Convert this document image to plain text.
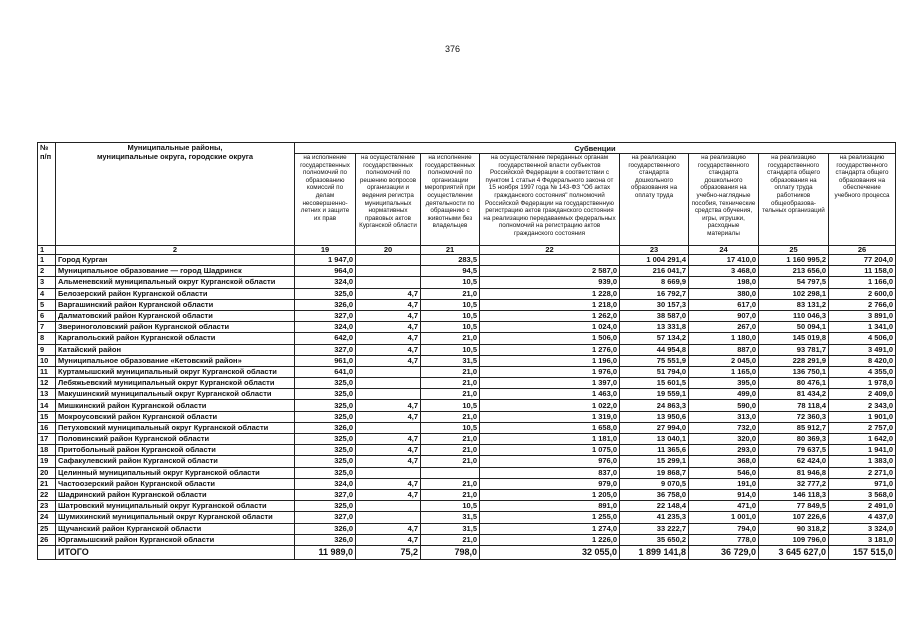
376
№
п/п	Муниципальные районы,
муниципальные округа, городские округа	Субвенции							
		на исполнение государственных полномочий по образованию комиссий по делам несовершенно-летних и защите их прав	на осуществление государственных полномочий по решению вопросов организации и ведения регистра муниципальных нормативных правовых актов Курганской области	на исполнение государственных полномочий по организации мероприятий при осуществлении деятельности по обращению с животными без владельцев	на осуществление переданных органам государственной власти субъектов Российской Федерации в соответствии с пунктом 1 статьи 4 Федерального закона от 15 ноября 1997 года № 143-ФЗ "Об актах гражданского состояния" полномочий Российской Федерации на государственную регистрацию актов гражданского состояния на реализацию передаваемых федеральных полномочий на регистрацию актов гражданского состояния	на реализацию государственного стандарта дошкольного образования на оплату труда	на реализацию государственного стандарта дошкольного образования на учебно-наглядные пособия, технические средства обучения, игры, игрушки, расходные материалы	на реализацию государственного стандарта общего образования на оплату труда работников общеобразова-тельных организаций	на реализацию государственного стандарта общего образования на обеспечение учебного процесса
1	2	19	20	21	22	23	24	25	26
1	Город Курган	1 947,0		283,5		1 004 291,4	17 410,0	1 160 995,2	77 204,0
2	Муниципальное образование — город Шадринск	964,0		94,5	2 587,0	216 041,7	3 468,0	213 656,0	11 158,0
3	Альменевский муниципальный округ Курганской области	324,0		10,5	939,0	8 669,9	198,0	54 797,5	1 166,0
4	Белозерский район Курганской области	325,0	4,7	21,0	1 228,0	16 792,7	380,0	102 298,1	2 600,0
5	Варгашинский район Курганской области	326,0	4,7	10,5	1 218,0	30 157,3	617,0	83 131,2	2 766,0
6	Далматовский район Курганской области	327,0	4,7	10,5	1 262,0	38 587,0	907,0	110 046,3	3 891,0
7	Звериноголовский район Курганской области	324,0	4,7	10,5	1 024,0	13 331,8	267,0	50 094,1	1 341,0
8	Каргапольский район Курганской области	642,0	4,7	21,0	1 506,0	57 134,2	1 180,0	145 019,8	4 506,0
9	Катайский район	327,0	4,7	10,5	1 276,0	44 954,8	887,0	93 781,7	3 491,0
10	Муниципальное образование «Кетовский район»	961,0	4,7	31,5	1 196,0	75 551,9	2 045,0	228 291,9	8 420,0
11	Куртамышский муниципальный округ Курганской области	641,0		21,0	1 976,0	51 794,0	1 165,0	136 750,1	4 355,0
12	Лебяжьевский муниципальный округ Курганской области	325,0		21,0	1 397,0	15 601,5	395,0	80 476,1	1 978,0
13	Макушинский муниципальный округ Курганской области	325,0		21,0	1 463,0	19 559,1	499,0	81 434,2	2 409,0
14	Мишкинский район Курганской области	325,0	4,7	10,5	1 022,0	24 863,3	590,0	78 118,4	2 343,0
15	Мокроусовский район Курганской области	325,0	4,7	21,0	1 319,0	13 950,6	313,0	72 360,3	1 901,0
16	Петуховский муниципальный округ Курганской области	326,0		10,5	1 658,0	27 994,0	732,0	85 912,7	2 757,0
17	Половинский район Курганской области	325,0	4,7	21,0	1 181,0	13 040,1	320,0	80 369,3	1 642,0
18	Притобольный район Курганской области	325,0	4,7	21,0	1 075,0	11 365,6	293,0	79 637,5	1 941,0
19	Сафакулевский район Курганской области	325,0	4,7	21,0	976,0	15 299,1	368,0	62 424,0	1 383,0
20	Целинный муниципальный округ Курганской области	325,0			837,0	19 868,7	546,0	81 946,8	2 271,0
21	Частоозерский район Курганской области	324,0	4,7	21,0	979,0	9 070,5	191,0	32 777,2	971,0
22	Шадринский район Курганской области	327,0	4,7	21,0	1 205,0	36 758,0	914,0	146 118,3	3 568,0
23	Шатровский муниципальный округ Курганской области	325,0		10,5	891,0	22 148,4	471,0	77 849,5	2 491,0
24	Шумихинский муниципальный округ Курганской области	327,0		31,5	1 255,0	41 235,3	1 001,0	107 226,6	4 437,0
25	Щучанский район Курганской области	326,0	4,7	31,5	1 274,0	33 222,7	794,0	90 318,2	3 324,0
26	Юргамышский район Курганской области	326,0	4,7	21,0	1 226,0	35 650,2	778,0	109 796,0	3 181,0
	ИТОГО	11 989,0	75,2	798,0	32 055,0	1 899 141,8	36 729,0	3 645 627,0	157 515,0
